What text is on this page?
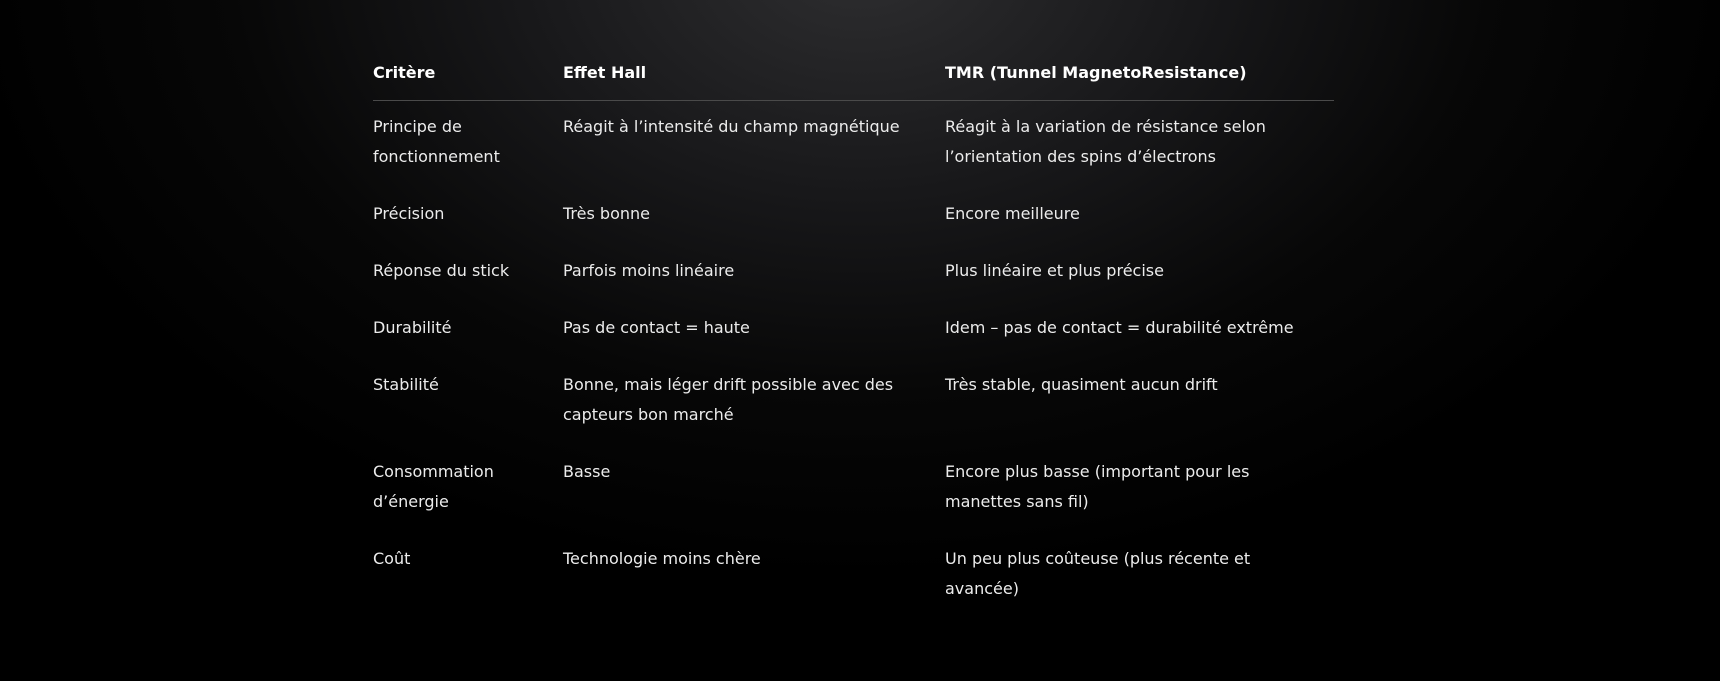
Critère	Effet Hall	TMR (Tunnel MagnetoResistance)
Principe de fonctionnement	Réagit à l’intensité du champ magnétique	Réagit à la variation de résistance selon l’orientation des spins d’électrons
Précision	Très bonne	Encore meilleure
Réponse du stick	Parfois moins linéaire	Plus linéaire et plus précise
Durabilité	Pas de contact = haute	Idem – pas de contact = durabilité extrême
Stabilité	Bonne, mais léger drift possible avec des capteurs bon marché	Très stable, quasiment aucun drift
Consommation d’énergie	Basse	Encore plus basse (important pour les manettes sans fil)
Coût	Technologie moins chère	Un peu plus coûteuse (plus récente et avancée)
